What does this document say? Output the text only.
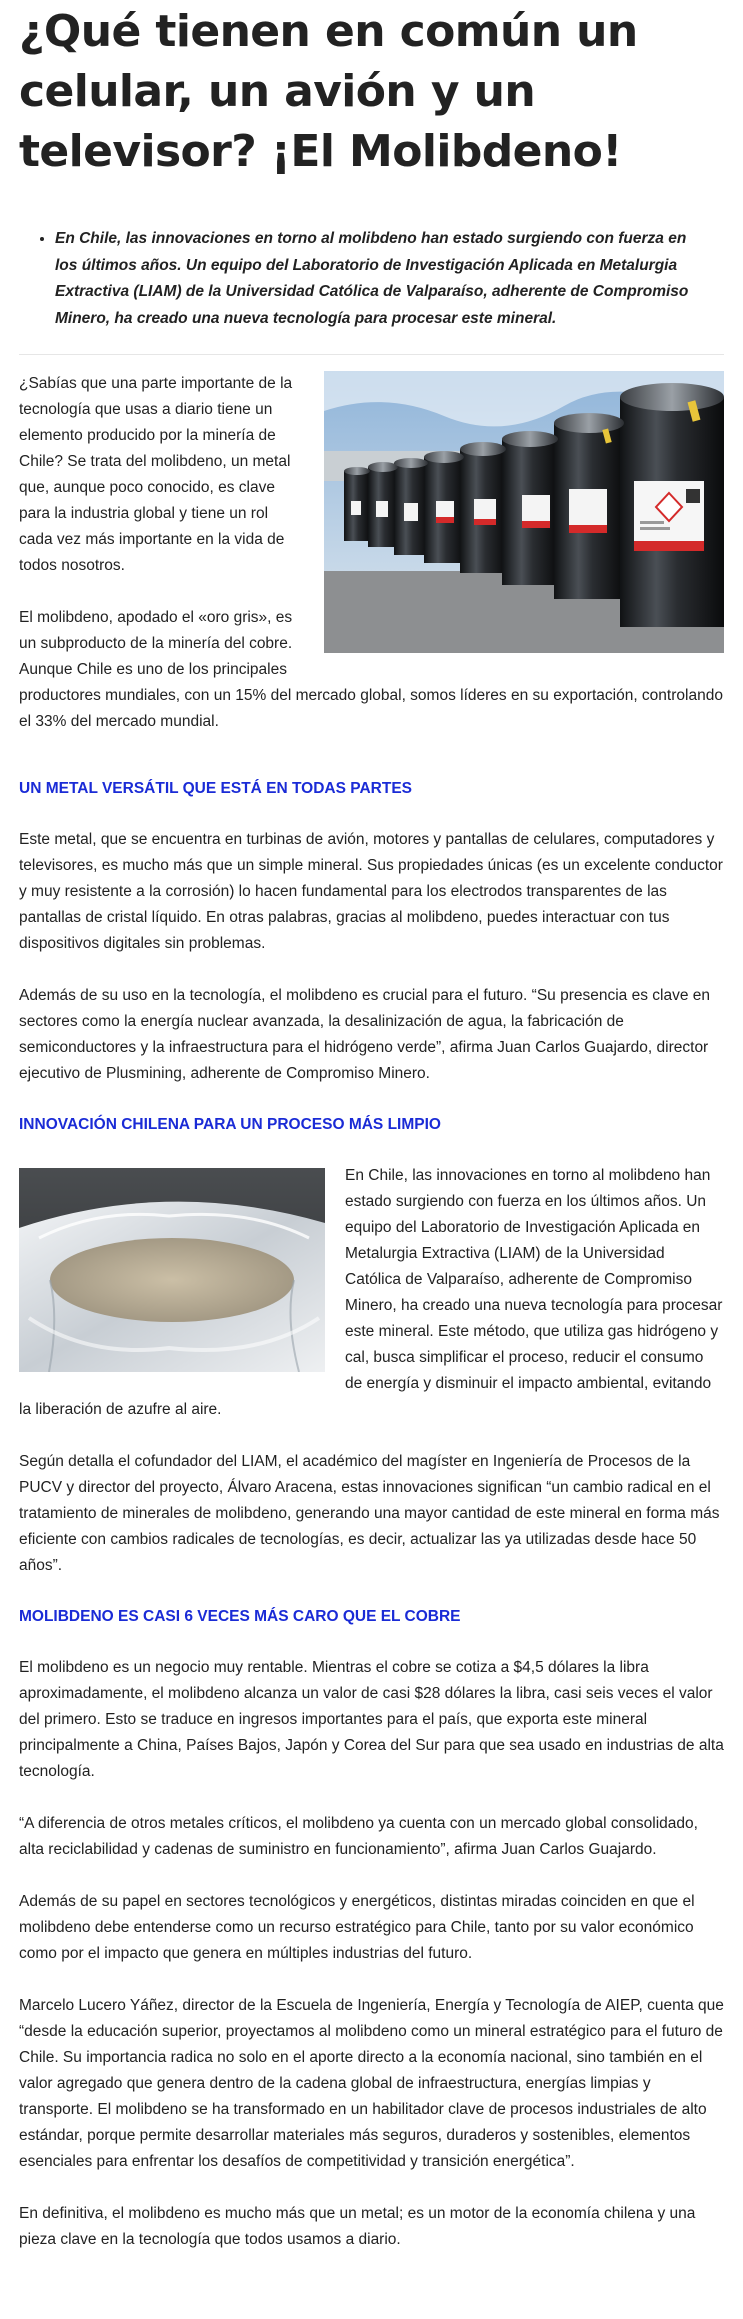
¿Qué tienen en común un celular, un avión y un televisor? ¡El Molibdeno!
• En Chile, las innovaciones en torno al molibdeno han estado surgiendo con fuerza en los últimos años. Un equipo del Laboratorio de Investigación Aplicada en Metalurgia Extractiva (LIAM) de la Universidad Católica de Valparaíso, adherente de Compromiso Minero, ha creado una nueva tecnología para procesar este mineral.

¿Sabías que una parte importante de la tecnología que usas a diario tiene un elemento producido por la minería de Chile? Se trata del molibdeno, un metal que, aunque poco conocido, es clave para la industria global y tiene un rol cada vez más importante en la vida de todos nosotros.

El molibdeno, apodado el «oro gris», es un subproducto de la minería del cobre. Aunque Chile es uno de los principales productores mundiales, con un 15% del mercado global, somos líderes en su exportación, controlando el 33% del mercado mundial.

UN METAL VERSÁTIL QUE ESTÁ EN TODAS PARTES

Este metal, que se encuentra en turbinas de avión, motores y pantallas de celulares, computadores y televisores, es mucho más que un simple mineral. Sus propiedades únicas (es un excelente conductor y muy resistente a la corrosión) lo hacen fundamental para los electrodos transparentes de las pantallas de cristal líquido. En otras palabras, gracias al molibdeno, puedes interactuar con tus dispositivos digitales sin problemas.

Además de su uso en la tecnología, el molibdeno es crucial para el futuro. “Su presencia es clave en sectores como la energía nuclear avanzada, la desalinización de agua, la fabricación de semiconductores y la infraestructura para el hidrógeno verde”, afirma Juan Carlos Guajardo, director ejecutivo de Plusmining, adherente de Compromiso Minero.

INNOVACIÓN CHILENA PARA UN PROCESO MÁS LIMPIO

En Chile, las innovaciones en torno al molibdeno han estado surgiendo con fuerza en los últimos años. Un equipo del Laboratorio de Investigación Aplicada en Metalurgia Extractiva (LIAM) de la Universidad Católica de Valparaíso, adherente de Compromiso Minero, ha creado una nueva tecnología para procesar este mineral. Este método, que utiliza gas hidrógeno y cal, busca simplificar el proceso, reducir el consumo de energía y disminuir el impacto ambiental, evitando la liberación de azufre al aire.

Según detalla el cofundador del LIAM, el académico del magíster en Ingeniería de Procesos de la PUCV y director del proyecto, Álvaro Aracena, estas innovaciones significan “un cambio radical en el tratamiento de minerales de molibdeno, generando una mayor cantidad de este mineral en forma más eficiente con cambios radicales de tecnologías, es decir, actualizar las ya utilizadas desde hace 50 años”.

MOLIBDENO ES CASI 6 VECES MÁS CARO QUE EL COBRE

El molibdeno es un negocio muy rentable. Mientras el cobre se cotiza a $4,5 dólares la libra aproximadamente, el molibdeno alcanza un valor de casi $28 dólares la libra, casi seis veces el valor del primero. Esto se traduce en ingresos importantes para el país, que exporta este mineral principalmente a China, Países Bajos, Japón y Corea del Sur para que sea usado en industrias de alta tecnología.

“A diferencia de otros metales críticos, el molibdeno ya cuenta con un mercado global consolidado, alta reciclabilidad y cadenas de suministro en funcionamiento”, afirma Juan Carlos Guajardo.

Además de su papel en sectores tecnológicos y energéticos, distintas miradas coinciden en que el molibdeno debe entenderse como un recurso estratégico para Chile, tanto por su valor económico como por el impacto que genera en múltiples industrias del futuro.

Marcelo Lucero Yáñez, director de la Escuela de Ingeniería, Energía y Tecnología de AIEP, cuenta que “desde la educación superior, proyectamos al molibdeno como un mineral estratégico para el futuro de Chile. Su importancia radica no solo en el aporte directo a la economía nacional, sino también en el valor agregado que genera dentro de la cadena global de infraestructura, energías limpias y transporte. El molibdeno se ha transformado en un habilitador clave de procesos industriales de alto estándar, porque permite desarrollar materiales más seguros, duraderos y sostenibles, elementos esenciales para enfrentar los desafíos de competitividad y transición energética”.

En definitiva, el molibdeno es mucho más que un metal; es un motor de la economía chilena y una pieza clave en la tecnología que todos usamos a diario.
